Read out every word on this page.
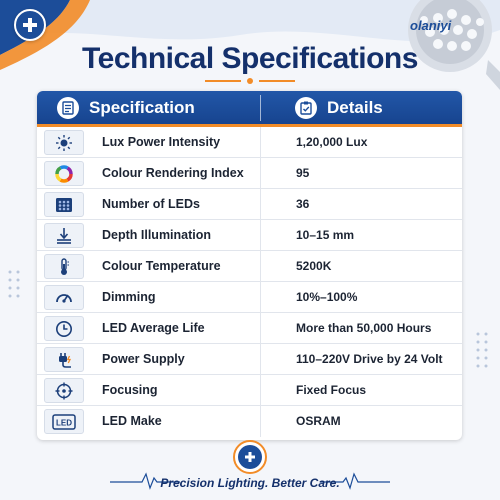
olaniyi
Technical Specifications
Specification	Details
Lux Power Intensity	1,20,000 Lux
Colour Rendering Index	95
Number of LEDs	36
Depth Illumination	10–15 mm
Colour Temperature	5200K
Dimming	10%–100%
LED Average Life	More than 50,000 Hours
Power Supply	110–220V Drive by 24 Volt
Focusing	Fixed Focus
LED LED Make	OSRAM
Precision Lighting. Better Care.
